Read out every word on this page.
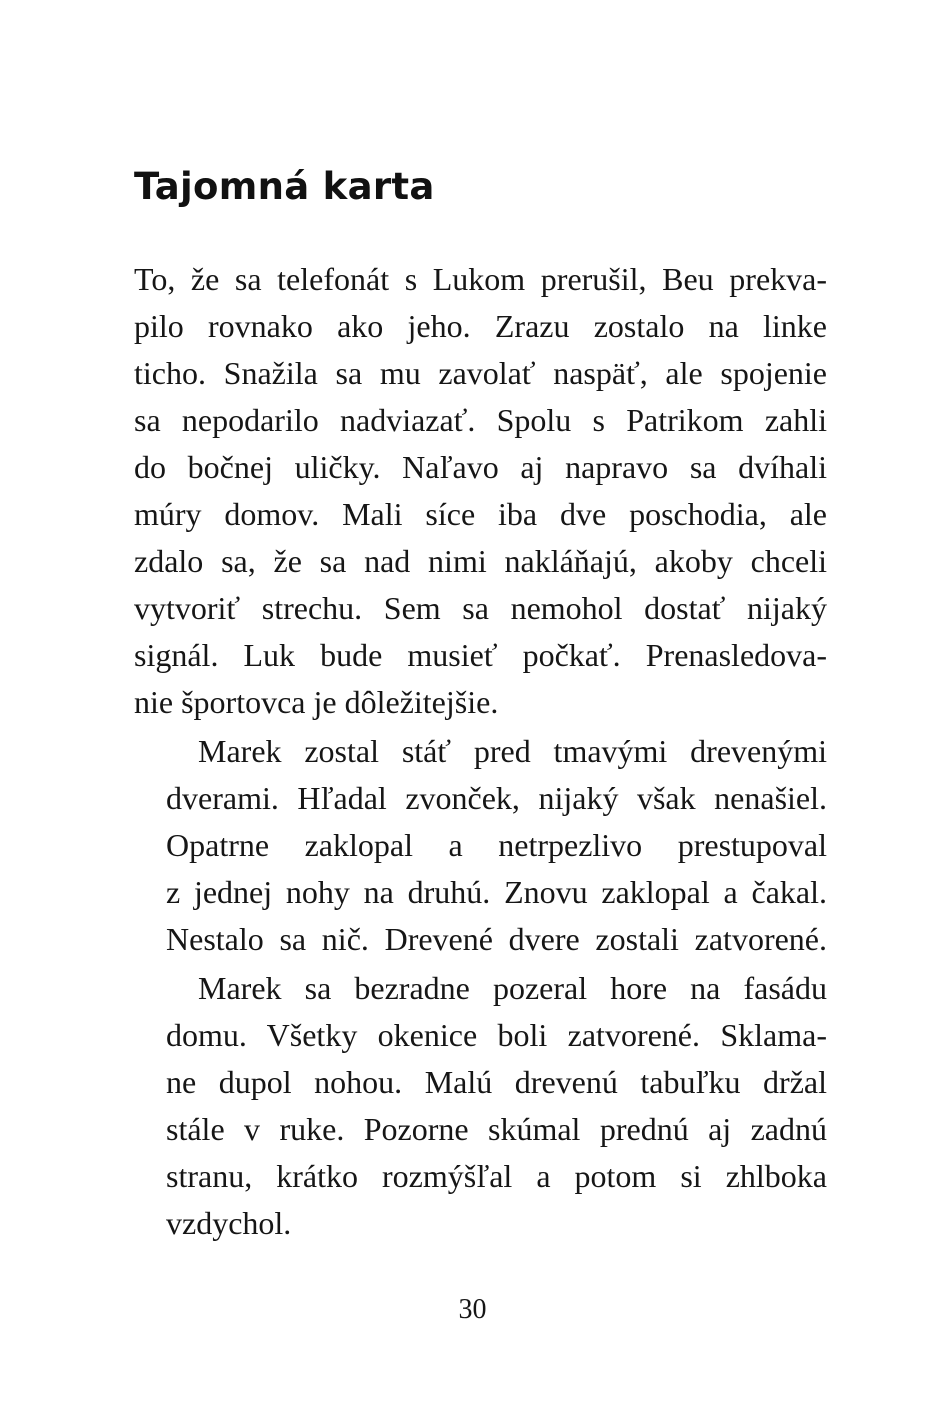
Tajomná karta

To, že sa telefonát s Lukom prerušil, Beu prekva-
pilo rovnako ako jeho. Zrazu zostalo na linke
ticho. Snažila sa mu zavolať naspäť, ale spojenie
sa nepodarilo nadviazať. Spolu s Patrikom zahli
do bočnej uličky. Naľavo aj napravo sa dvíhali
múry domov. Mali síce iba dve poschodia, ale
zdalo sa, že sa nad nimi nakláňajú, akoby chceli
vytvoriť strechu. Sem sa nemohol dostať nijaký
signál. Luk bude musieť počkať. Prenasledova-
nie športovca je dôležitejšie.

Marek zostal stáť pred tmavými drevenými
dverami. Hľadal zvonček, nijaký však nenašiel.
Opatrne zaklopal a netrpezlivo prestupoval
z jednej nohy na druhú. Znovu zaklopal a čakal.
Nestalo sa nič. Drevené dvere zostali zatvorené.

Marek sa bezradne pozeral hore na fasádu
domu. Všetky okenice boli zatvorené. Sklama-
ne dupol nohou. Malú drevenú tabuľku držal
stále v ruke. Pozorne skúmal prednú aj zadnú
stranu, krátko rozmýšľal a potom si zhlboka
vzdychol.

30
